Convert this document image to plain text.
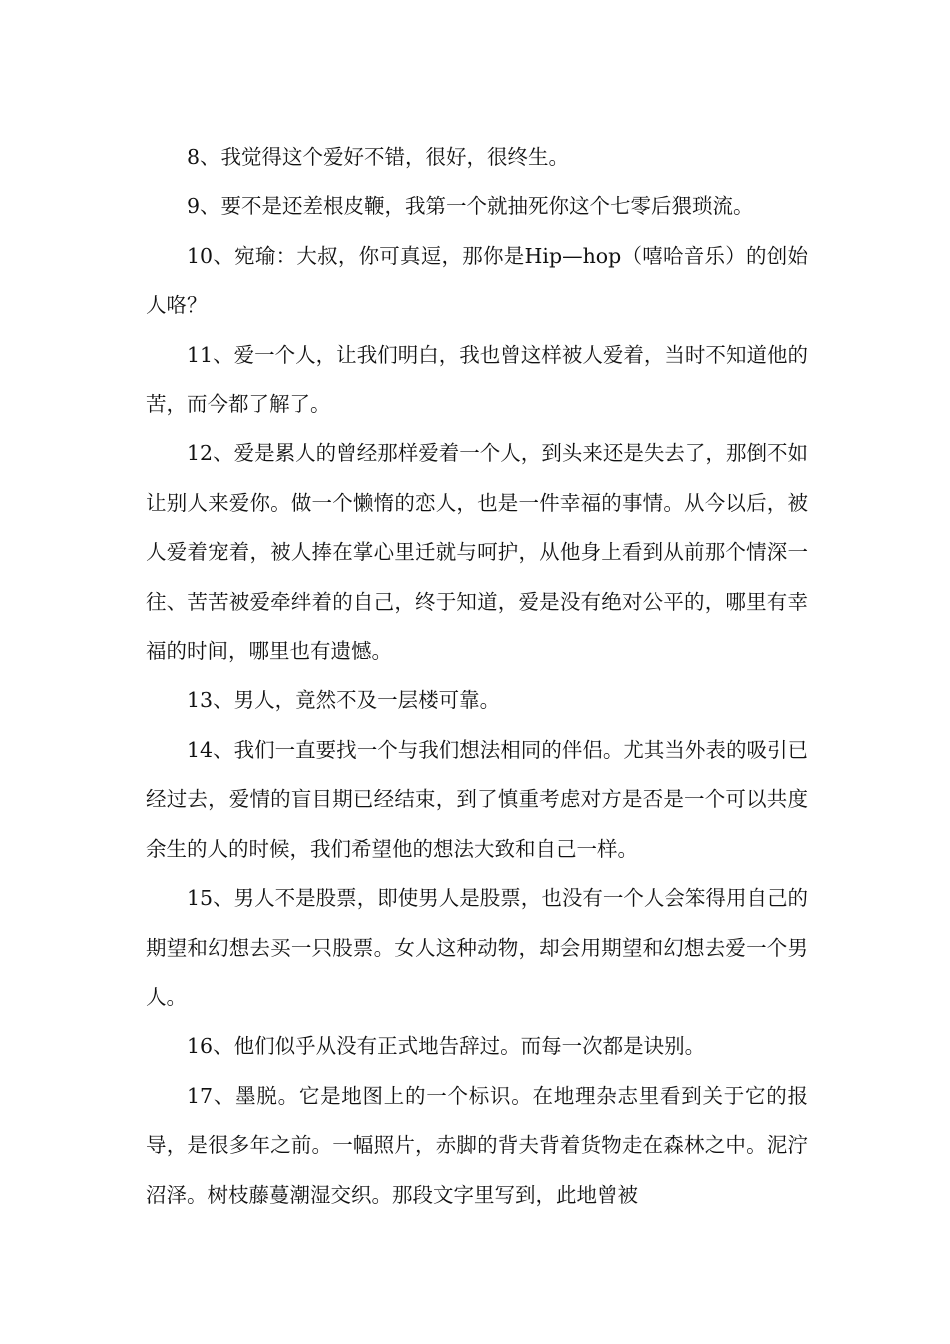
8、我觉得这个爱好不错，很好，很终生。

9、要不是还差根皮鞭，我第一个就抽死你这个七零后猥琐流。

10、宛瑜：大叔，你可真逗，那你是Hip—hop（嘻哈音乐）的创始人咯？

11、爱一个人，让我们明白，我也曾这样被人爱着，当时不知道他的苦，而今都了解了。

12、爱是累人的曾经那样爱着一个人，到头来还是失去了，那倒不如让别人来爱你。做一个懒惰的恋人，也是一件幸福的事情。从今以后，被人爱着宠着，被人捧在掌心里迁就与呵护，从他身上看到从前那个情深一往、苦苦被爱牵绊着的自己，终于知道，爱是没有绝对公平的，哪里有幸福的时间，哪里也有遗憾。

13、男人，竟然不及一层楼可靠。

14、我们一直要找一个与我们想法相同的伴侣。尤其当外表的吸引已经过去，爱情的盲目期已经结束，到了慎重考虑对方是否是一个可以共度余生的人的时候，我们希望他的想法大致和自己一样。

15、男人不是股票，即使男人是股票，也没有一个人会笨得用自己的期望和幻想去买一只股票。女人这种动物，却会用期望和幻想去爱一个男人。

16、他们似乎从没有正式地告辞过。而每一次都是诀别。

17、墨脱。它是地图上的一个标识。在地理杂志里看到关于它的报导，是很多年之前。一幅照片，赤脚的背夫背着货物走在森林之中。泥泞沼泽。树枝藤蔓潮湿交织。那段文字里写到，此地曾被
